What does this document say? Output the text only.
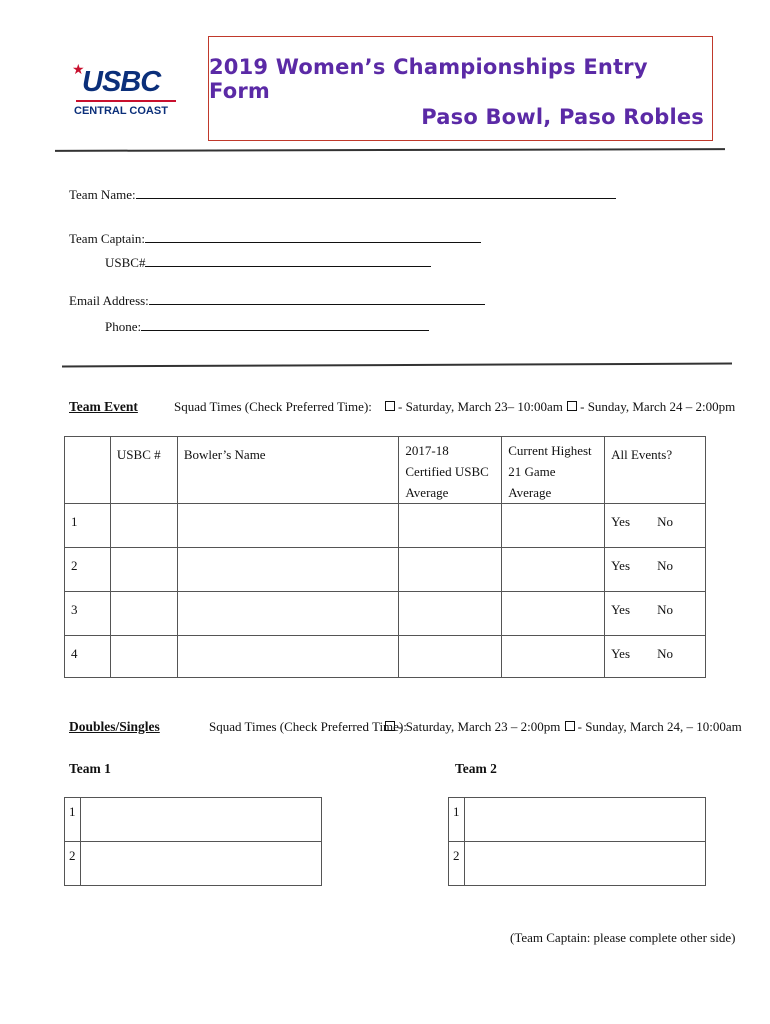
★
USBC
CENTRAL COAST
2019 Women’s Championships Entry Form
Paso Bowl, Paso Robles
Team Name:
Team Captain:
USBC#
Email Address:
Phone:
Team Event	Squad Times (Check Preferred Time):	- Saturday, March 23– 10:00am - Sunday, March 24 – 2:00pm
	USBC #	Bowler’s Name	2017-18 Certified USBC Average	Current Highest 21 Game Average	All Events?
1					Yes No
2					Yes No
3					Yes No
4					Yes No
Doubles/Singles	Squad Times (Check Preferred Time):
- Saturday, March 23 – 2:00pm - Sunday, March 24, – 10:00am
Team 1	Team 2
1	
2	
1	
2	
(Team Captain: please complete other side)
